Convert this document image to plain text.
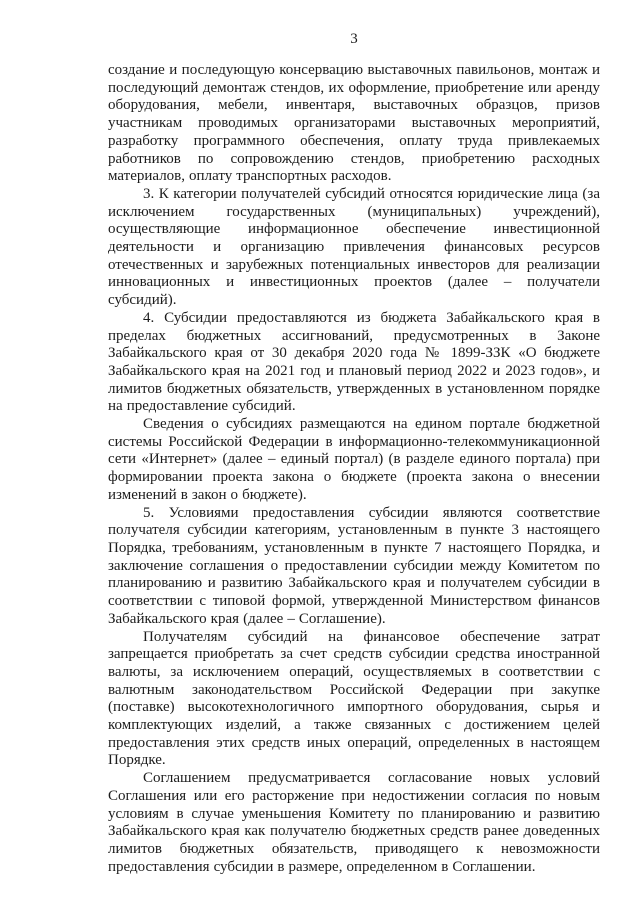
3

создание и последующую консервацию выставочных павильонов, монтаж и последующий демонтаж стендов, их оформление, приобретение или аренду оборудования, мебели, инвентаря, выставочных образцов, призов участникам проводимых организаторами выставочных мероприятий, разработку программного обеспечения, оплату труда привлекаемых работников по сопровождению стендов, приобретению расходных материалов, оплату транспортных расходов.

3. К категории получателей субсидий относятся юридические лица (за исключением государственных (муниципальных) учреждений), осуществляющие информационное обеспечение инвестиционной деятельности и организацию привлечения финансовых ресурсов отечественных и зарубежных потенциальных инвесторов для реализации инновационных и инвестиционных проектов (далее – получатели субсидий).

4. Субсидии предоставляются из бюджета Забайкальского края в пределах бюджетных ассигнований, предусмотренных в Законе Забайкальского края от 30 декабря 2020 года № 1899-ЗЗК «О бюджете Забайкальского края на 2021 год и плановый период 2022 и 2023 годов», и лимитов бюджетных обязательств, утвержденных в установленном порядке на предоставление субсидий.

Сведения о субсидиях размещаются на едином портале бюджетной системы Российской Федерации в информационно-телекоммуникационной сети «Интернет» (далее – единый портал) (в разделе единого портала) при формировании проекта закона о бюджете (проекта закона о внесении изменений в закон о бюджете).

5. Условиями предоставления субсидии являются соответствие получателя субсидии категориям, установленным в пункте 3 настоящего Порядка, требованиям, установленным в пункте 7 настоящего Порядка, и заключение соглашения о предоставлении субсидии между Комитетом по планированию и развитию Забайкальского края и получателем субсидии в соответствии с типовой формой, утвержденной Министерством финансов Забайкальского края (далее – Соглашение).

Получателям субсидий на финансовое обеспечение затрат запрещается приобретать за счет средств субсидии средства иностранной валюты, за исключением операций, осуществляемых в соответствии с валютным законодательством Российской Федерации при закупке (поставке) высокотехнологичного импортного оборудования, сырья и комплектующих изделий, а также связанных с достижением целей предоставления этих средств иных операций, определенных в настоящем Порядке.

Соглашением предусматривается согласование новых условий Соглашения или его расторжение при недостижении согласия по новым условиям в случае уменьшения Комитету по планированию и развитию Забайкальского края как получателю бюджетных средств ранее доведенных лимитов бюджетных обязательств, приводящего к невозможности предоставления субсидии в размере, определенном в Соглашении.
